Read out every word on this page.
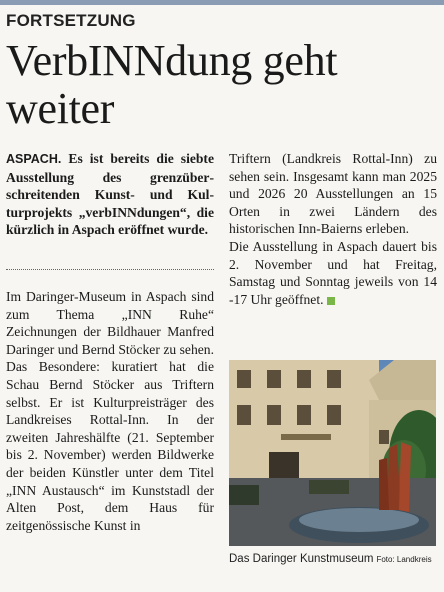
FORTSETZUNG
VerbINNdung geht
weiter
ASPACH. Es ist bereits die siebte Ausstellung des grenzüberschreitenden Kunst- und Kulturprojekts „verbINNdungen“, die kürzlich in Aspach eröffnet wurde.
Im Daringer-Museum in Aspach sind zum Thema „INN Ruhe“ Zeichnungen der Bildhauer Manfred Daringer und Bernd Stöcker zu sehen. Das Besondere: kuratiert hat die Schau Bernd Stöcker aus Triftern selbst. Er ist Kulturpreisträger des Landkreises Rottal-Inn. In der zweiten Jahreshälfte (21. September bis 2. November) werden Bildwerke der beiden Künstler unter dem Titel „INN Austausch“ im Kunststadl der Alten Post, dem Haus für zeitgenössische Kunst in
Triftern (Landkreis Rottal-Inn) zu sehen sein. Insgesamt kann man 2025 und 2026 20 Ausstellungen an 15 Orten in zwei Ländern des historischen Inn-Baierns erleben.
Die Ausstellung in Aspach dauert bis 2. November und hat Freitag, Samstag und Sonntag jeweils von 14 -17 Uhr geöffnet.
Das Daringer Kunstmuseum Foto: Landkreis
